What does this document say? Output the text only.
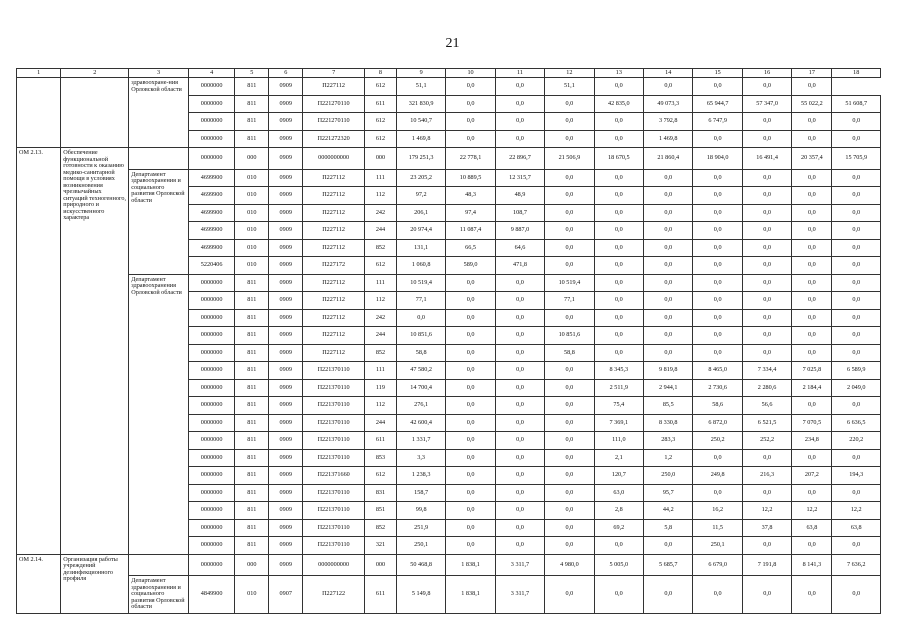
21
1	2	3	4	5	6	7	8	9	10	11	12	13	14	15	16	17	18
		здравоохране-ния Орловской области	0000000	811	0909	П227112	612	51,1	0,0	0,0	51,1	0,0	0,0	0,0	0,0	0,0	
			0000000	811	0909	П221270110	611	321 830,9	0,0	0,0	0,0	42 835,0	49 073,3	65 944,7	57 347,0	55 022,2	51 608,7
			0000000	811	0909	П221270110	612	10 540,7	0,0	0,0	0,0	0,0	3 792,8	6 747,9	0,0	0,0	0,0
			0000000	811	0909	П221272320	612	1 469,8	0,0	0,0	0,0	0,0	1 469,8	0,0	0,0	0,0	0,0
ОМ 2.13.	Обеспечение функциональной готовности к оказанию медико-санитарной помощи в условиях возникновения чрезвычайных ситуаций техногенного, природного и искусственного характера		0000000	000	0909	0000000000	000	179 251,3	22 778,1	22 896,7	21 506,9	18 670,5	21 860,4	18 904,0	16 491,4	20 357,4	15 705,9
		Департамент здравоохранения и социального развития Орловской области	4699900	010	0909	П227112	111	23 205,2	10 889,5	12 315,7	0,0	0,0	0,0	0,0	0,0	0,0	0,0
			4699900	010	0909	П227112	112	97,2	48,3	48,9	0,0	0,0	0,0	0,0	0,0	0,0	0,0
			4699900	010	0909	П227112	242	206,1	97,4	108,7	0,0	0,0	0,0	0,0	0,0	0,0	0,0
			4699900	010	0909	П227112	244	20 974,4	11 087,4	9 887,0	0,0	0,0	0,0	0,0	0,0	0,0	0,0
			4699900	010	0909	П227112	852	131,1	66,5	64,6	0,0	0,0	0,0	0,0	0,0	0,0	0,0
			5220406	010	0909	П227172	612	1 060,8	589,0	471,8	0,0	0,0	0,0	0,0	0,0	0,0	0,0
		Департамент здравоохранения Орловской области	0000000	811	0909	П227112	111	10 519,4	0,0	0,0	10 519,4	0,0	0,0	0,0	0,0	0,0	0,0
			0000000	811	0909	П227112	112	77,1	0,0	0,0	77,1	0,0	0,0	0,0	0,0	0,0	0,0
			0000000	811	0909	П227112	242	0,0	0,0	0,0	0,0	0,0	0,0	0,0	0,0	0,0	0,0
			0000000	811	0909	П227112	244	10 851,6	0,0	0,0	10 851,6	0,0	0,0	0,0	0,0	0,0	0,0
			0000000	811	0909	П227112	852	58,8	0,0	0,0	58,8	0,0	0,0	0,0	0,0	0,0	0,0
			0000000	811	0909	П221370110	111	47 580,2	0,0	0,0	0,0	8 345,3	9 819,8	8 465,0	7 334,4	7 025,8	6 589,9
			0000000	811	0909	П221370110	119	14 700,4	0,0	0,0	0,0	2 511,9	2 944,1	2 730,6	2 280,6	2 184,4	2 049,0
			0000000	811	0909	П221370110	112	276,1	0,0	0,0	0,0	75,4	85,5	58,6	56,6	0,0	0,0
			0000000	811	0909	П221370110	244	42 600,4	0,0	0,0	0,0	7 369,1	8 330,8	6 872,0	6 521,5	7 070,5	6 636,5
			0000000	811	0909	П221370110	611	1 331,7	0,0	0,0	0,0	111,0	283,3	250,2	252,2	234,8	220,2
			0000000	811	0909	П221370110	853	3,3	0,0	0,0	0,0	2,1	1,2	0,0	0,0	0,0	0,0
			0000000	811	0909	П221371660	612	1 238,3	0,0	0,0	0,0	120,7	250,0	249,8	216,3	207,2	194,3
			0000000	811	0909	П221370110	831	158,7	0,0	0,0	0,0	63,0	95,7	0,0	0,0	0,0	0,0
			0000000	811	0909	П221370110	851	99,8	0,0	0,0	0,0	2,8	44,2	16,2	12,2	12,2	12,2
			0000000	811	0909	П221370110	852	251,9	0,0	0,0	0,0	69,2	5,8	11,5	37,8	63,8	63,8
			0000000	811	0909	П221370110	321	250,1	0,0	0,0	0,0	0,0	0,0	250,1	0,0	0,0	0,0
ОМ 2.14.	Организация работы учреждений дезинфекционного профиля		0000000	000	0909	0000000000	000	50 468,8	1 838,1	3 311,7	4 980,0	5 005,0	5 685,7	6 679,0	7 191,8	8 141,3	7 636,2
		Департамент здравоохранения и социального развития Орловской области	4849900	010	0907	П227122	611	5 149,8	1 838,1	3 311,7	0,0	0,0	0,0	0,0	0,0	0,0	0,0
